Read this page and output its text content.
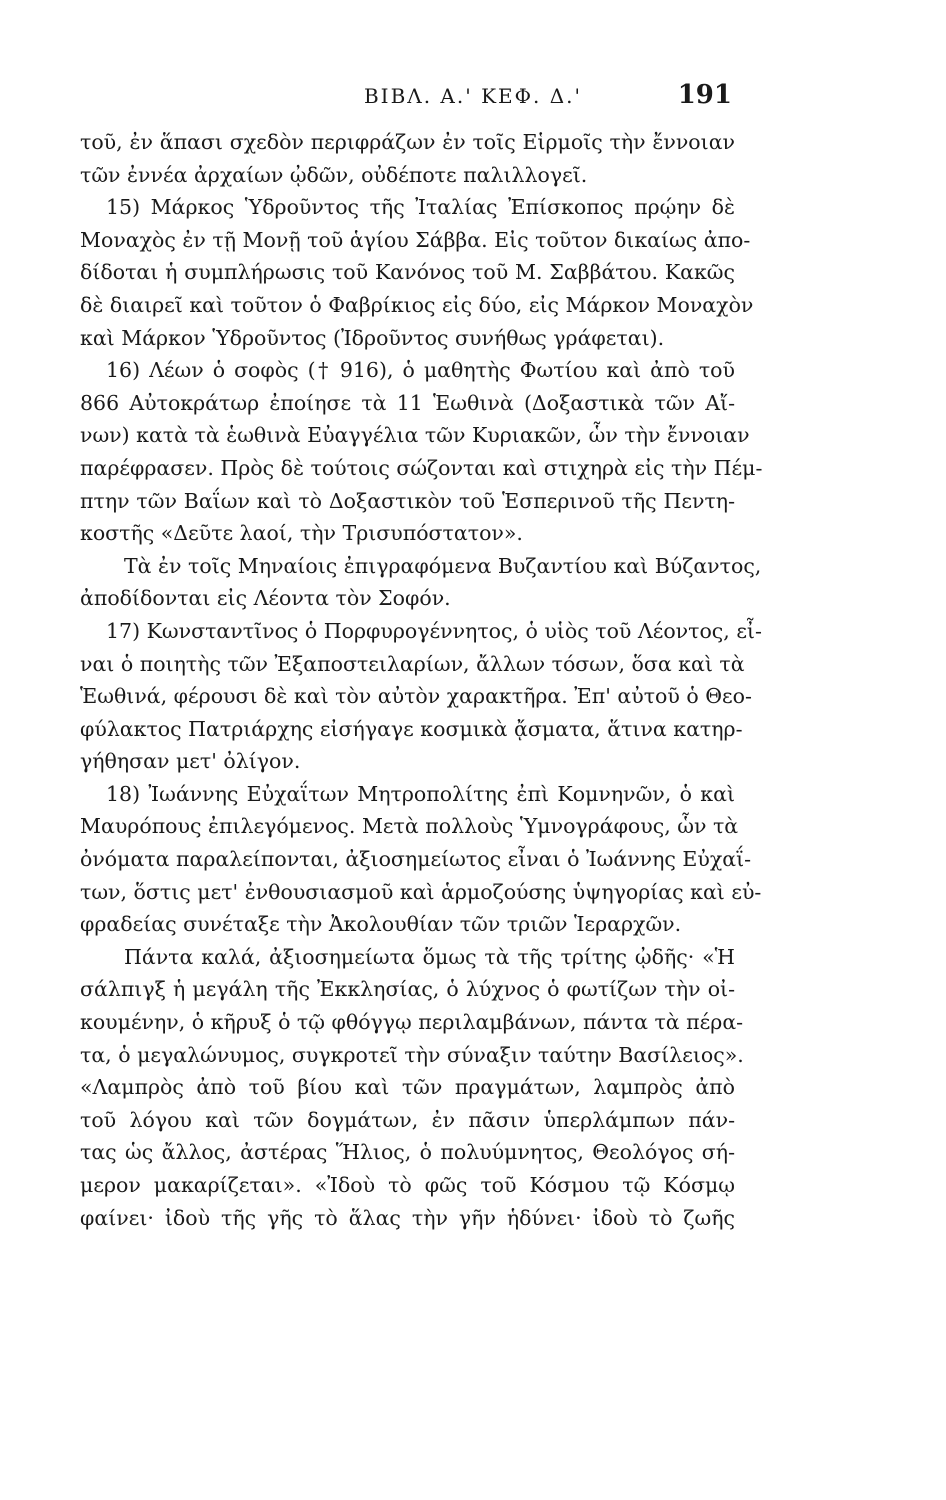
ΒΙΒΛ. Α.' ΚΕΦ. Δ.'	191
τοῦ, ἐν ἅπασι σχεδὸν περιφράζων ἐν τοῖς Εἱρμοῖς τὴν ἔννοιαν
τῶν ἐννέα ἀρχαίων ᾠδῶν, οὐδέποτε παλιλλογεῖ.
15) Μάρκος Ὑδροῦντος τῆς Ἰταλίας Ἐπίσκοπος πρῴην δὲ
Μοναχὸς ἐν τῇ Μονῇ τοῦ ἁγίου Σάββα. Εἰς τοῦτον δικαίως ἀπο-
δίδοται ἡ συμπλήρωσις τοῦ Κανόνος τοῦ Μ. Σαββάτου. Κακῶς
δὲ διαιρεῖ καὶ τοῦτον ὁ Φαβρίκιος εἰς δύο, εἰς Μάρκον Μοναχὸν
καὶ Μάρκον Ὑδροῦντος (Ἰδροῦντος συνήθως γράφεται).
16) Λέων ὁ σοφὸς († 916), ὁ μαθητὴς Φωτίου καὶ ἀπὸ τοῦ
866 Αὐτοκράτωρ ἐποίησε τὰ 11 Ἑωθινὰ (Δοξαστικὰ τῶν Αἴ-
νων) κατὰ τὰ ἑωθινὰ Εὐαγγέλια τῶν Κυριακῶν, ὧν τὴν ἔννοιαν
παρέφρασεν. Πρὸς δὲ τούτοις σώζονται καὶ στιχηρὰ εἰς τὴν Πέμ-
πτην τῶν Βαΐων καὶ τὸ Δοξαστικὸν τοῦ Ἑσπερινοῦ τῆς Πεντη-
κοστῆς «Δεῦτε λαοί, τὴν Τρισυπόστατον».
Τὰ ἐν τοῖς Μηναίοις ἐπιγραφόμενα Βυζαντίου καὶ Βύζαντος,
ἀποδίδονται εἰς Λέοντα τὸν Σοφόν.
17) Κωνσταντῖνος ὁ Πορφυρογέννητος, ὁ υἱὸς τοῦ Λέοντος, εἶ-
ναι ὁ ποιητὴς τῶν Ἐξαποστειλαρίων, ἄλλων τόσων, ὅσα καὶ τὰ
Ἑωθινά, φέρουσι δὲ καὶ τὸν αὐτὸν χαρακτῆρα. Ἐπ' αὐτοῦ ὁ Θεο-
φύλακτος Πατριάρχης εἰσήγαγε κοσμικὰ ᾄσματα, ἅτινα κατηρ-
γήθησαν μετ' ὀλίγον.
18) Ἰωάννης Εὐχαΐτων Μητροπολίτης ἐπὶ Κομνηνῶν, ὁ καὶ
Μαυρόπους ἐπιλεγόμενος. Μετὰ πολλοὺς Ὑμνογράφους, ὧν τὰ
ὀνόματα παραλείπονται, ἀξιοσημείωτος εἶναι ὁ Ἰωάννης Εὐχαΐ-
των, ὅστις μετ' ἐνθουσιασμοῦ καὶ ἁρμοζούσης ὑψηγορίας καὶ εὐ-
φραδείας συνέταξε τὴν Ἀκολουθίαν τῶν τριῶν Ἱεραρχῶν.
Πάντα καλά, ἀξιοσημείωτα ὅμως τὰ τῆς τρίτης ᾠδῆς· «Ἡ
σάλπιγξ ἡ μεγάλη τῆς Ἐκκλησίας, ὁ λύχνος ὁ φωτίζων τὴν οἰ-
κουμένην, ὁ κῆρυξ ὁ τῷ φθόγγῳ περιλαμβάνων, πάντα τὰ πέρα-
τα, ὁ μεγαλώνυμος, συγκροτεῖ τὴν σύναξιν ταύτην Βασίλειος».
«Λαμπρὸς ἀπὸ τοῦ βίου καὶ τῶν πραγμάτων, λαμπρὸς ἀπὸ
τοῦ λόγου καὶ τῶν δογμάτων, ἐν πᾶσιν ὑπερλάμπων πάν-
τας ὡς ἄλλος, ἀστέρας Ἥλιος, ὁ πολυύμνητος, Θεολόγος σή-
μερον μακαρίζεται». «Ἰδοὺ τὸ φῶς τοῦ Κόσμου τῷ Κόσμῳ
φαίνει· ἰδοὺ τῆς γῆς τὸ ἅλας τὴν γῆν ἡδύνει· ἰδοὺ τὸ ζωῆς
